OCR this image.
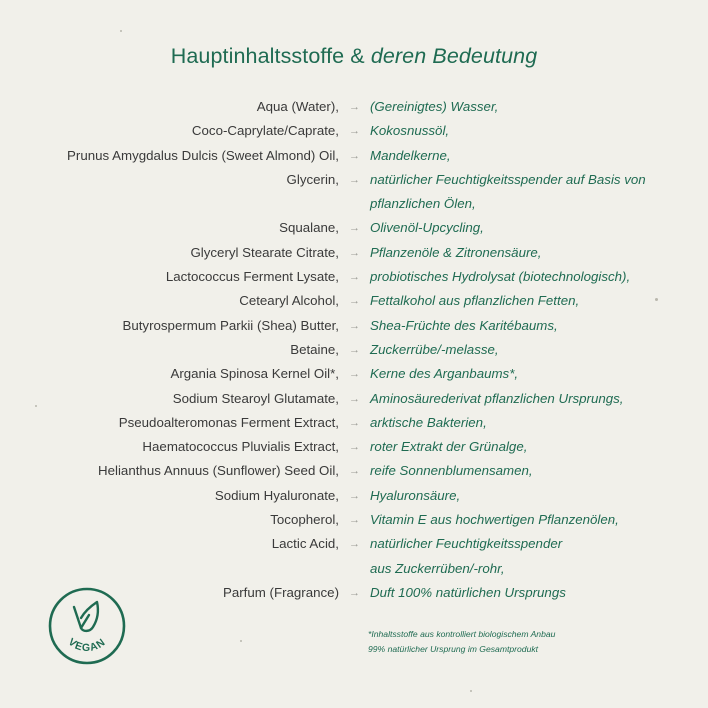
Hauptinhaltsstoffe & deren Bedeutung
Aqua (Water), → (Gereinigtes) Wasser,
Coco-Caprylate/Caprate, → Kokosnussöl,
Prunus Amygdalus Dulcis (Sweet Almond) Oil, → Mandelkerne,
Glycerin, → natürlicher Feuchtigkeitsspender auf Basis von
pflanzlichen Ölen,
Squalane, → Olivenöl-Upcycling,
Glyceryl Stearate Citrate, → Pflanzenöle & Zitronensäure,
Lactococcus Ferment Lysate, → probiotisches Hydrolysat (biotechnologisch),
Cetearyl Alcohol, → Fettalkohol aus pflanzlichen Fetten,
Butyrospermum Parkii (Shea) Butter, → Shea-Früchte des Karitébaums,
Betaine, → Zuckerrübe/-melasse,
Argania Spinosa Kernel Oil*, → Kerne des Arganbaums*,
Sodium Stearoyl Glutamate, → Aminosäurederivat pflanzlichen Ursprungs,
Pseudoalteromonas Ferment Extract, → arktische Bakterien,
Haematococcus Pluvialis Extract, → roter Extrakt der Grünalge,
Helianthus Annuus (Sunflower) Seed Oil, → reife Sonnenblumensamen,
Sodium Hyaluronate, → Hyaluronsäure,
Tocopherol, → Vitamin E aus hochwertigen Pflanzenölen,
Lactic Acid, → natürlicher Feuchtigkeitsspender
aus Zuckerrüben/-rohr,
Parfum (Fragrance) → Duft 100% natürlichen Ursprungs
*Inhaltsstoffe aus kontrolliert biologischem Anbau
99% natürlicher Ursprung im Gesamtprodukt
VEGAN
